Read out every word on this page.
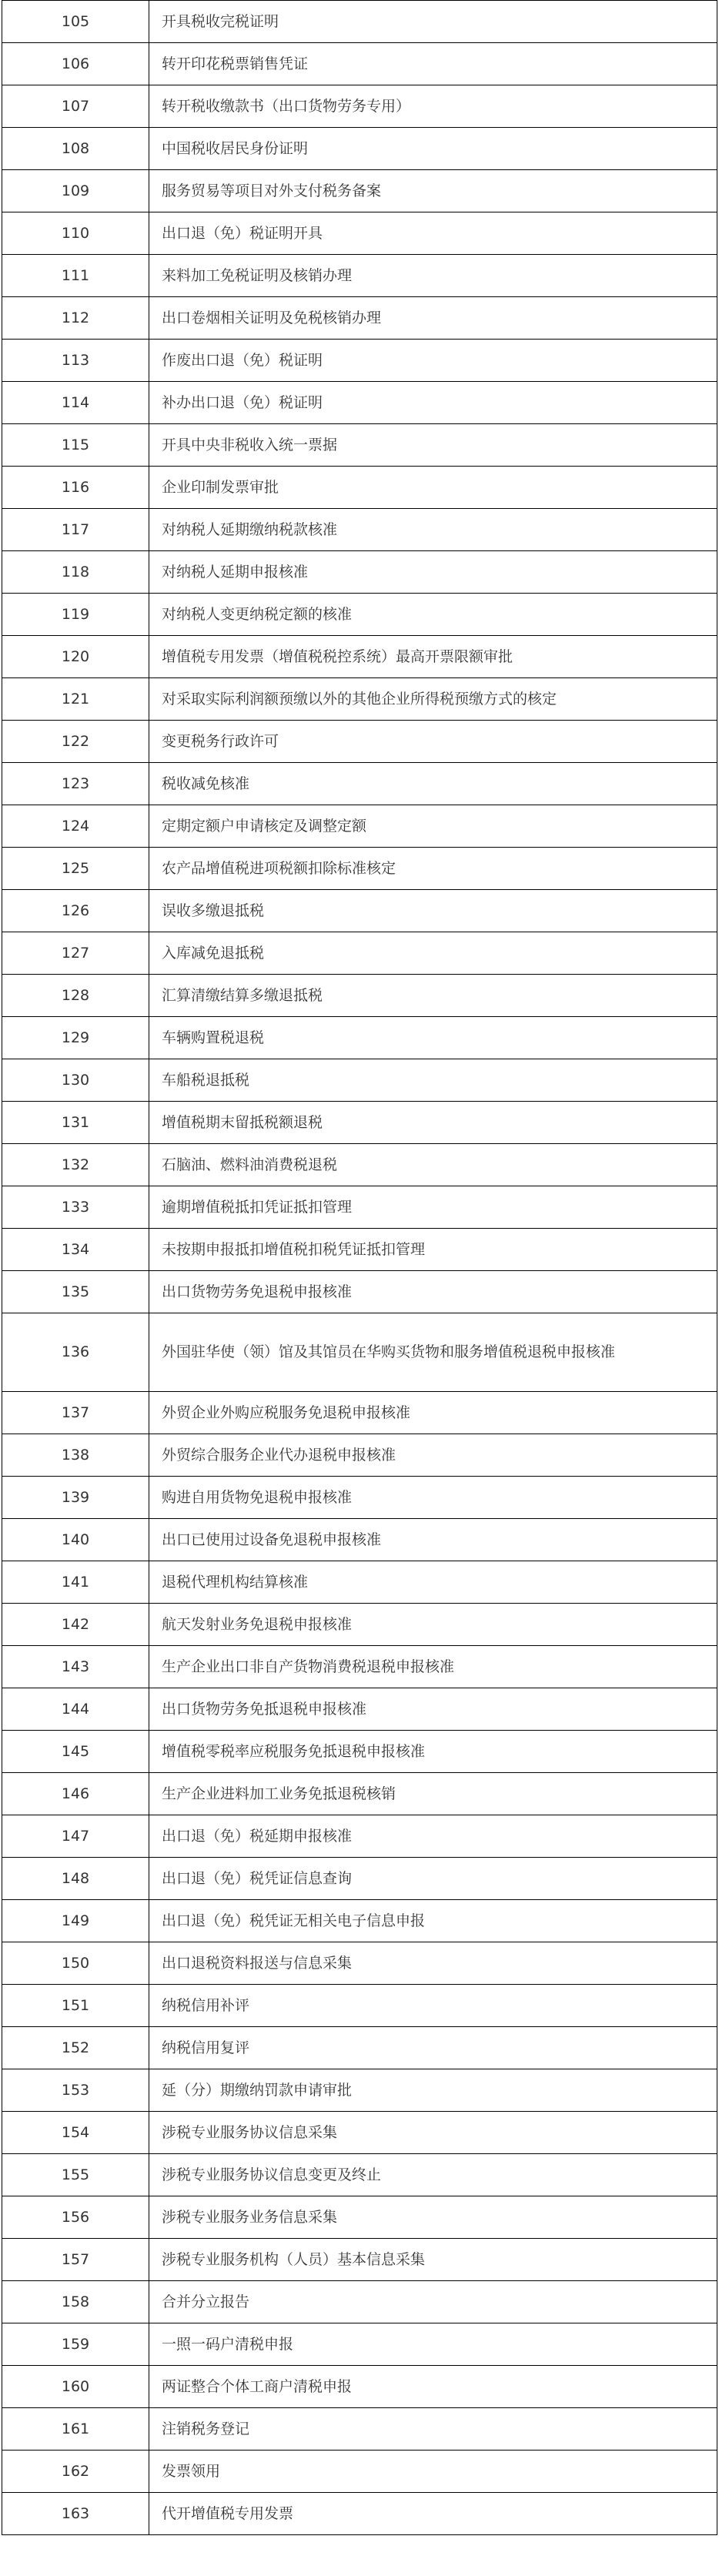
105	开具税收完税证明
106	转开印花税票销售凭证
107	转开税收缴款书（出口货物劳务专用）
108	中国税收居民身份证明
109	服务贸易等项目对外支付税务备案
110	出口退（免）税证明开具
111	来料加工免税证明及核销办理
112	出口卷烟相关证明及免税核销办理
113	作废出口退（免）税证明
114	补办出口退（免）税证明
115	开具中央非税收入统一票据
116	企业印制发票审批
117	对纳税人延期缴纳税款核准
118	对纳税人延期申报核准
119	对纳税人变更纳税定额的核准
120	增值税专用发票（增值税税控系统）最高开票限额审批
121	对采取实际利润额预缴以外的其他企业所得税预缴方式的核定
122	变更税务行政许可
123	税收减免核准
124	定期定额户申请核定及调整定额
125	农产品增值税进项税额扣除标准核定
126	误收多缴退抵税
127	入库减免退抵税
128	汇算清缴结算多缴退抵税
129	车辆购置税退税
130	车船税退抵税
131	增值税期末留抵税额退税
132	石脑油、燃料油消费税退税
133	逾期增值税抵扣凭证抵扣管理
134	未按期申报抵扣增值税扣税凭证抵扣管理
135	出口货物劳务免退税申报核准
136	外国驻华使（领）馆及其馆员在华购买货物和服务增值税退税申报核准
137	外贸企业外购应税服务免退税申报核准
138	外贸综合服务企业代办退税申报核准
139	购进自用货物免退税申报核准
140	出口已使用过设备免退税申报核准
141	退税代理机构结算核准
142	航天发射业务免退税申报核准
143	生产企业出口非自产货物消费税退税申报核准
144	出口货物劳务免抵退税申报核准
145	增值税零税率应税服务免抵退税申报核准
146	生产企业进料加工业务免抵退税核销
147	出口退（免）税延期申报核准
148	出口退（免）税凭证信息查询
149	出口退（免）税凭证无相关电子信息申报
150	出口退税资料报送与信息采集
151	纳税信用补评
152	纳税信用复评
153	延（分）期缴纳罚款申请审批
154	涉税专业服务协议信息采集
155	涉税专业服务协议信息变更及终止
156	涉税专业服务业务信息采集
157	涉税专业服务机构（人员）基本信息采集
158	合并分立报告
159	一照一码户清税申报
160	两证整合个体工商户清税申报
161	注销税务登记
162	发票领用
163	代开增值税专用发票
